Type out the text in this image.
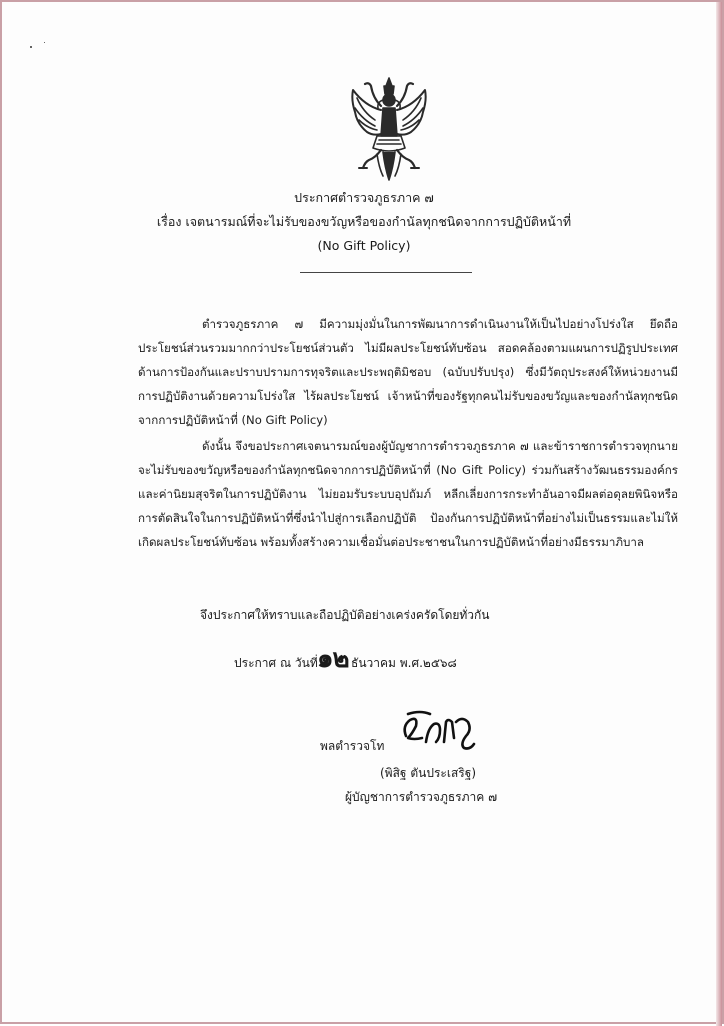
ประกาศตำรวจภูธรภาค ๗
เรื่อง เจตนารมณ์ที่จะไม่รับของขวัญหรือของกำนัลทุกชนิดจากการปฏิบัติหน้าที่
(No Gift Policy)

ตำรวจภูธรภาค ๗ มีความมุ่งมั่นในการพัฒนาการดำเนินงานให้เป็นไปอย่างโปร่งใส ยึดถือประโยชน์ส่วนรวมมากกว่าประโยชน์ส่วนตัว ไม่มีผลประโยชน์ทับซ้อน สอดคล้องตามแผนการปฏิรูปประเทศด้านการป้องกันและปราบปรามการทุจริตและประพฤติมิชอบ (ฉบับปรับปรุง) ซึ่งมีวัตถุประสงค์ให้หน่วยงานมีการปฏิบัติงานด้วยความโปร่งใส ไร้ผลประโยชน์ เจ้าหน้าที่ของรัฐทุกคนไม่รับของขวัญและของกำนัลทุกชนิดจากการปฏิบัติหน้าที่ (No Gift Policy)

ดังนั้น จึงขอประกาศเจตนารมณ์ของผู้บัญชาการตำรวจภูธรภาค ๗ และข้าราชการตำรวจทุกนาย จะไม่รับของขวัญหรือของกำนัลทุกชนิดจากการปฏิบัติหน้าที่ (No Gift Policy) ร่วมกันสร้างวัฒนธรรมองค์กรและค่านิยมสุจริตในการปฏิบัติงาน ไม่ยอมรับระบบอุปถัมภ์ หลีกเลี่ยงการกระทำอันอาจมีผลต่อดุลยพินิจหรือการตัดสินใจในการปฏิบัติหน้าที่ซึ่งนำไปสู่การเลือกปฏิบัติ ป้องกันการปฏิบัติหน้าที่อย่างไม่เป็นธรรมและไม่ให้เกิดผลประโยชน์ทับซ้อน พร้อมทั้งสร้างความเชื่อมั่นต่อประชาชนในการปฏิบัติหน้าที่อย่างมีธรรมาภิบาล

จึงประกาศให้ทราบและถือปฏิบัติอย่างเคร่งครัดโดยทั่วกัน
ประกาศ ณ วันที่ ๑๒ ธันวาคม พ.ศ.๒๕๖๘
พลตำรวจโท
(พิสิฐ ตันประเสริฐ)
ผู้บัญชาการตำรวจภูธรภาค ๗
